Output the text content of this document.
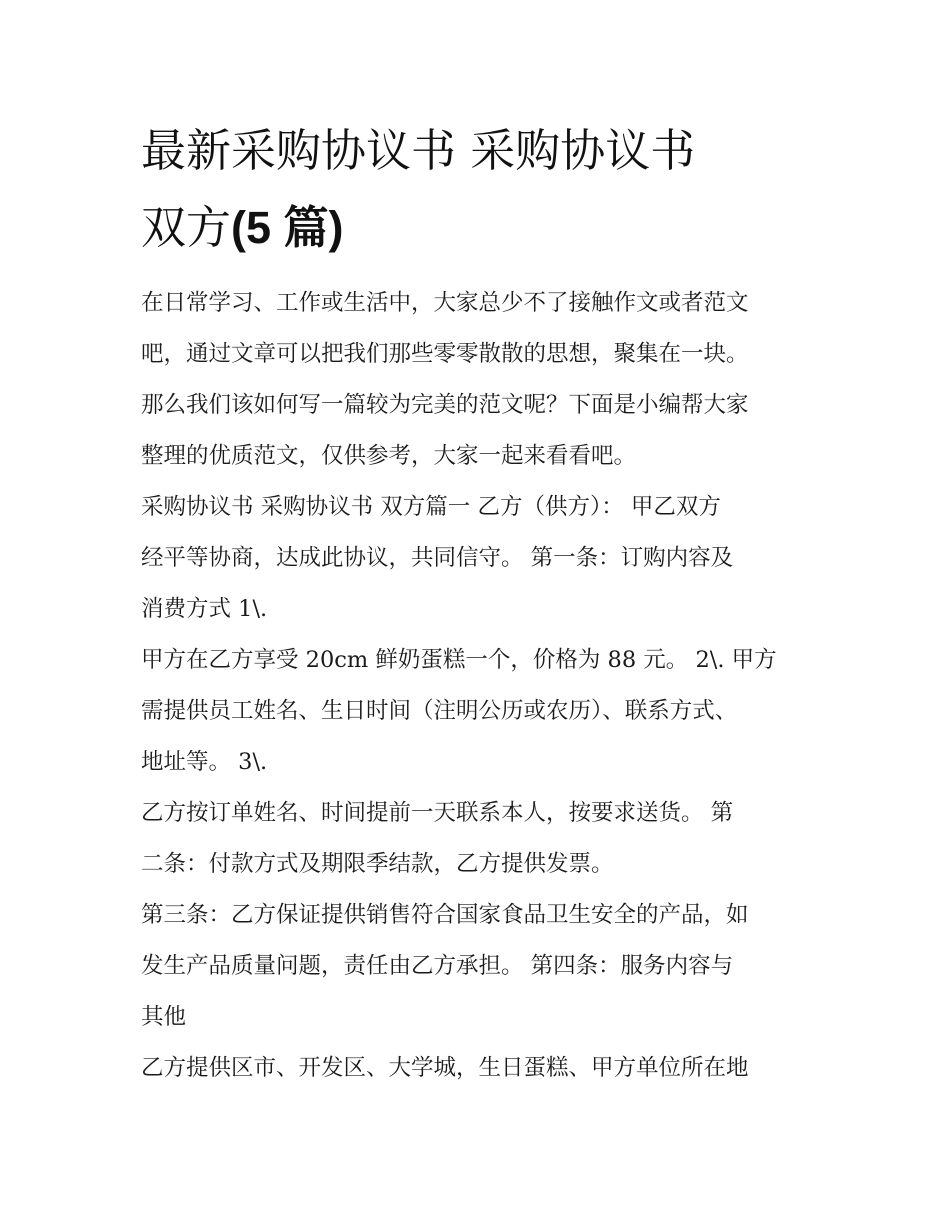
最新采购协议书 采购协议书
双方(5 篇)

在日常学习、工作或生活中，大家总少不了接触作文或者范文
吧，通过文章可以把我们那些零零散散的思想，聚集在一块。
那么我们该如何写一篇较为完美的范文呢？下面是小编帮大家
整理的优质范文，仅供参考，大家一起来看看吧。

采购协议书 采购协议书 双方篇一 乙方（供方）： 甲乙双方
经平等协商，达成此协议，共同信守。 第一条：订购内容及
消费方式 1\.

甲方在乙方享受 20cm 鲜奶蛋糕一个，价格为 88 元。 2\. 甲方
需提供员工姓名、生日时间（注明公历或农历）、联系方式、
地址等。 3\.

乙方按订单姓名、时间提前一天联系本人，按要求送货。 第
二条：付款方式及期限季结款，乙方提供发票。

第三条：乙方保证提供销售符合国家食品卫生安全的产品，如
发生产品质量问题，责任由乙方承担。 第四条：服务内容与
其他

乙方提供区市、开发区、大学城，生日蛋糕、甲方单位所在地
